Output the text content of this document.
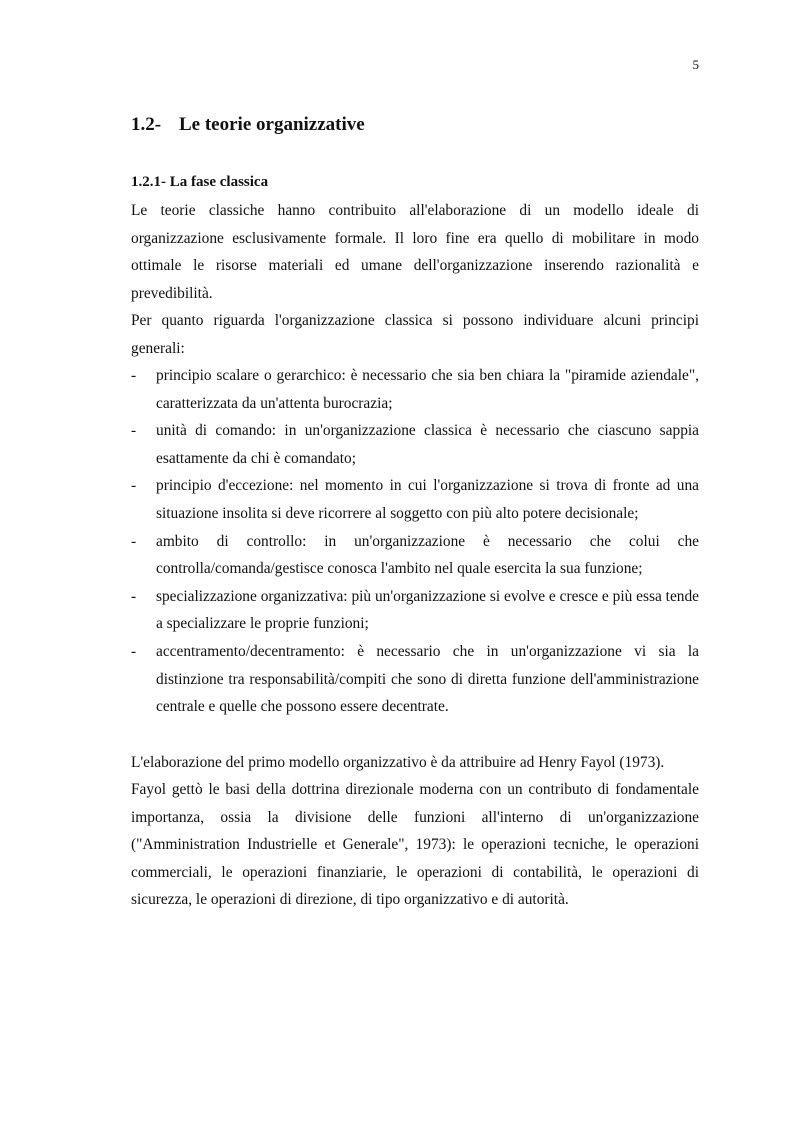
5
1.2- Le teorie organizzative
1.2.1- La fase classica

Le teorie classiche hanno contribuito all'elaborazione di un modello ideale di organizzazione esclusivamente formale. Il loro fine era quello di mobilitare in modo ottimale le risorse materiali ed umane dell'organizzazione inserendo razionalità e prevedibilità.

Per quanto riguarda l'organizzazione classica si possono individuare alcuni principi generali:

- principio scalare o gerarchico: è necessario che sia ben chiara la "piramide aziendale", caratterizzata da un'attenta burocrazia;
- unità di comando: in un'organizzazione classica è necessario che ciascuno sappia esattamente da chi è comandato;
- principio d'eccezione: nel momento in cui l'organizzazione si trova di fronte ad una situazione insolita si deve ricorrere al soggetto con più alto potere decisionale;
- ambito di controllo: in un'organizzazione è necessario che colui che controlla/comanda/gestisce conosca l'ambito nel quale esercita la sua funzione;
- specializzazione organizzativa: più un'organizzazione si evolve e cresce e più essa tende a specializzare le proprie funzioni;
- accentramento/decentramento: è necessario che in un'organizzazione vi sia la distinzione tra responsabilità/compiti che sono di diretta funzione dell'amministrazione centrale e quelle che possono essere decentrate.

L'elaborazione del primo modello organizzativo è da attribuire ad Henry Fayol (1973).

Fayol gettò le basi della dottrina direzionale moderna con un contributo di fondamentale importanza, ossia la divisione delle funzioni all'interno di un'organizzazione ("Amministration Industrielle et Generale", 1973): le operazioni tecniche, le operazioni commerciali, le operazioni finanziarie, le operazioni di contabilità, le operazioni di sicurezza, le operazioni di direzione, di tipo organizzativo e di autorità.
